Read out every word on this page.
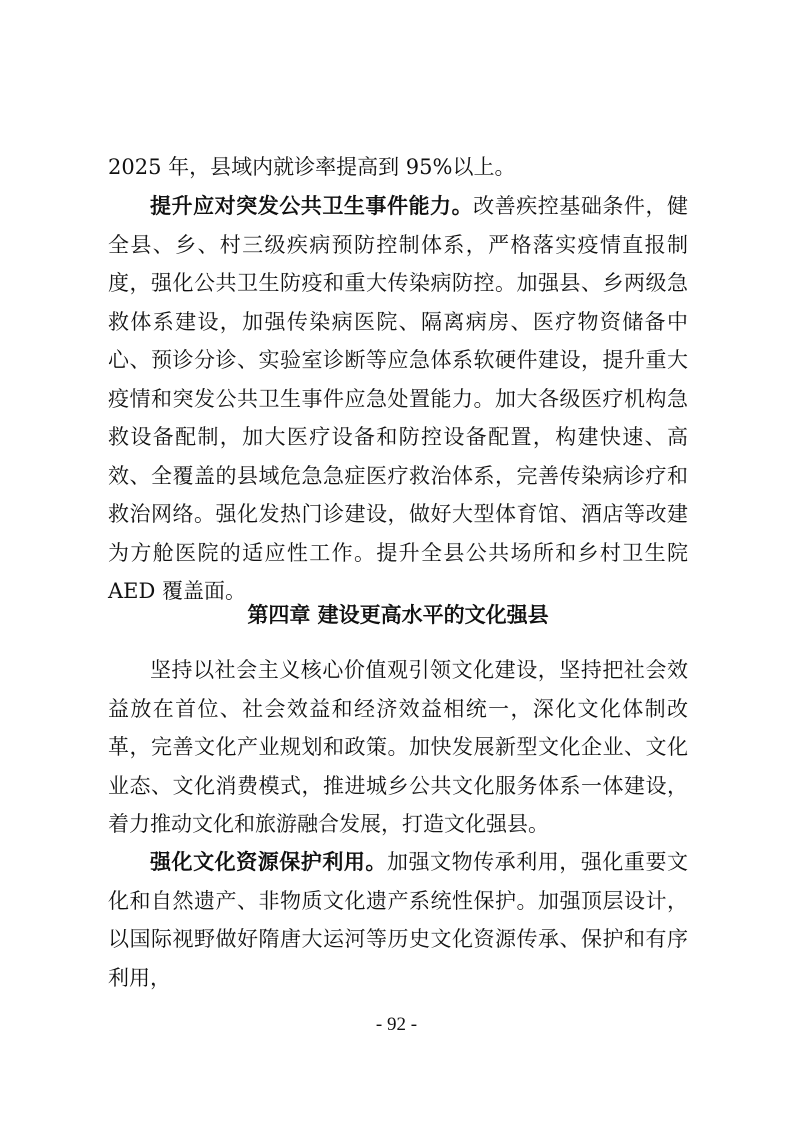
2025 年，县域内就诊率提高到 95%以上。

提升应对突发公共卫生事件能力。改善疾控基础条件，健全县、乡、村三级疾病预防控制体系，严格落实疫情直报制度，强化公共卫生防疫和重大传染病防控。加强县、乡两级急救体系建设，加强传染病医院、隔离病房、医疗物资储备中心、预诊分诊、实验室诊断等应急体系软硬件建设，提升重大疫情和突发公共卫生事件应急处置能力。加大各级医疗机构急救设备配制，加大医疗设备和防控设备配置，构建快速、高效、全覆盖的县域危急急症医疗救治体系，完善传染病诊疗和救治网络。强化发热门诊建设，做好大型体育馆、酒店等改建为方舱医院的适应性工作。提升全县公共场所和乡村卫生院 AED 覆盖面。

第四章 建设更高水平的文化强县

坚持以社会主义核心价值观引领文化建设，坚持把社会效益放在首位、社会效益和经济效益相统一，深化文化体制改革，完善文化产业规划和政策。加快发展新型文化企业、文化业态、文化消费模式，推进城乡公共文化服务体系一体建设，着力推动文化和旅游融合发展，打造文化强县。

强化文化资源保护利用。加强文物传承利用，强化重要文化和自然遗产、非物质文化遗产系统性保护。加强顶层设计，以国际视野做好隋唐大运河等历史文化资源传承、保护和有序利用，

- 92 -
